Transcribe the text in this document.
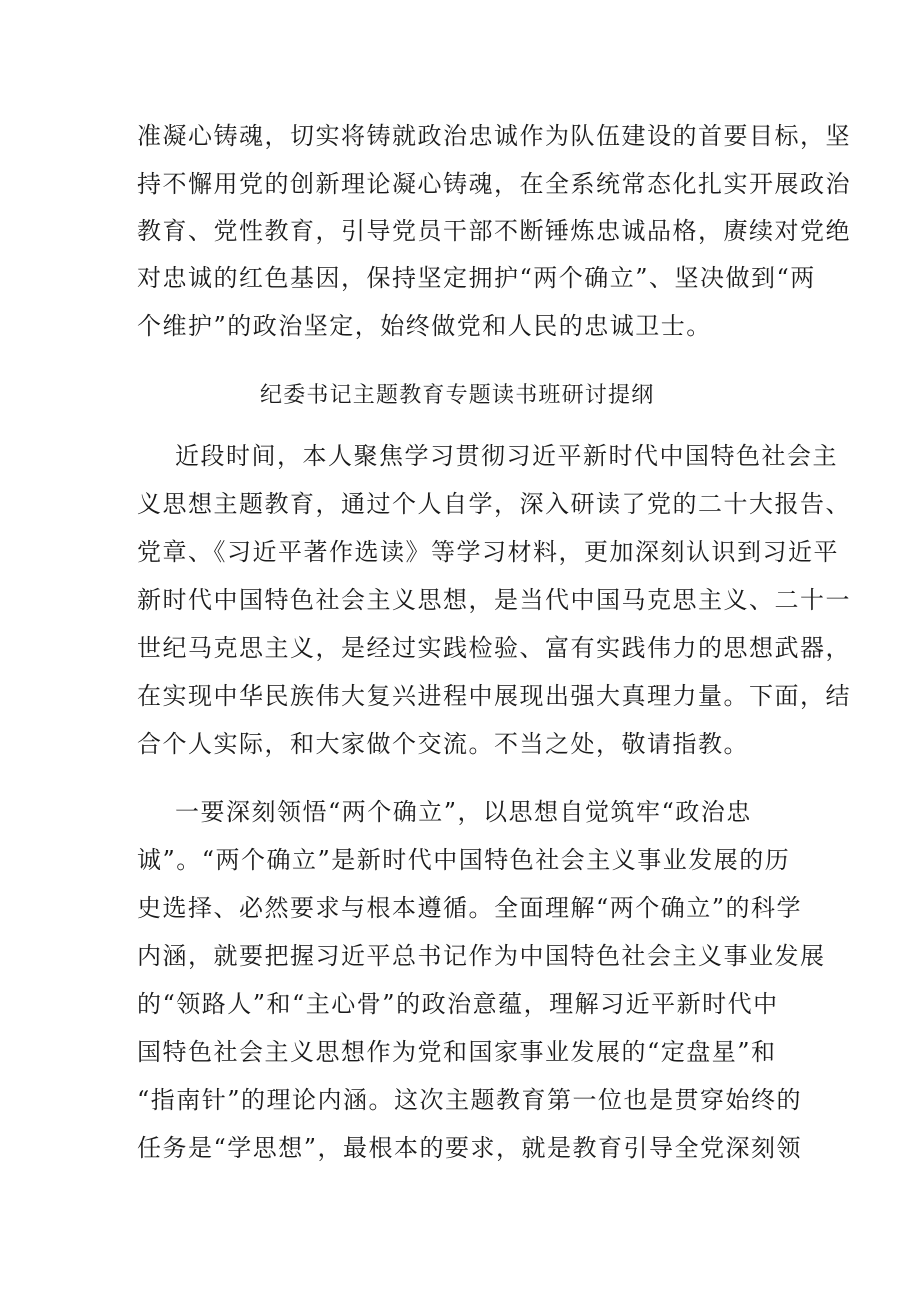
准凝心铸魂，切实将铸就政治忠诚作为队伍建设的首要目标，坚
持不懈用党的创新理论凝心铸魂，在全系统常态化扎实开展政治
教育、党性教育，引导党员干部不断锤炼忠诚品格，赓续对党绝
对忠诚的红色基因，保持坚定拥护“两个确立”、坚决做到“两
个维护”的政治坚定，始终做党和人民的忠诚卫士。
纪委书记主题教育专题读书班研讨提纲
近段时间，本人聚焦学习贯彻习近平新时代中国特色社会主
义思想主题教育，通过个人自学，深入研读了党的二十大报告、
党章、《习近平著作选读》等学习材料，更加深刻认识到习近平
新时代中国特色社会主义思想，是当代中国马克思主义、二十一
世纪马克思主义，是经过实践检验、富有实践伟力的思想武器，
在实现中华民族伟大复兴进程中展现出强大真理力量。下面，结
合个人实际，和大家做个交流。不当之处，敬请指教。
一要深刻领悟“两个确立”，以思想自觉筑牢“政治忠
诚”。“两个确立”是新时代中国特色社会主义事业发展的历
史选择、必然要求与根本遵循。全面理解“两个确立”的科学
内涵，就要把握习近平总书记作为中国特色社会主义事业发展
的“领路人”和“主心骨”的政治意蕴，理解习近平新时代中
国特色社会主义思想作为党和国家事业发展的“定盘星”和
“指南针”的理论内涵。这次主题教育第一位也是贯穿始终的
任务是“学思想”，最根本的要求，就是教育引导全党深刻领
